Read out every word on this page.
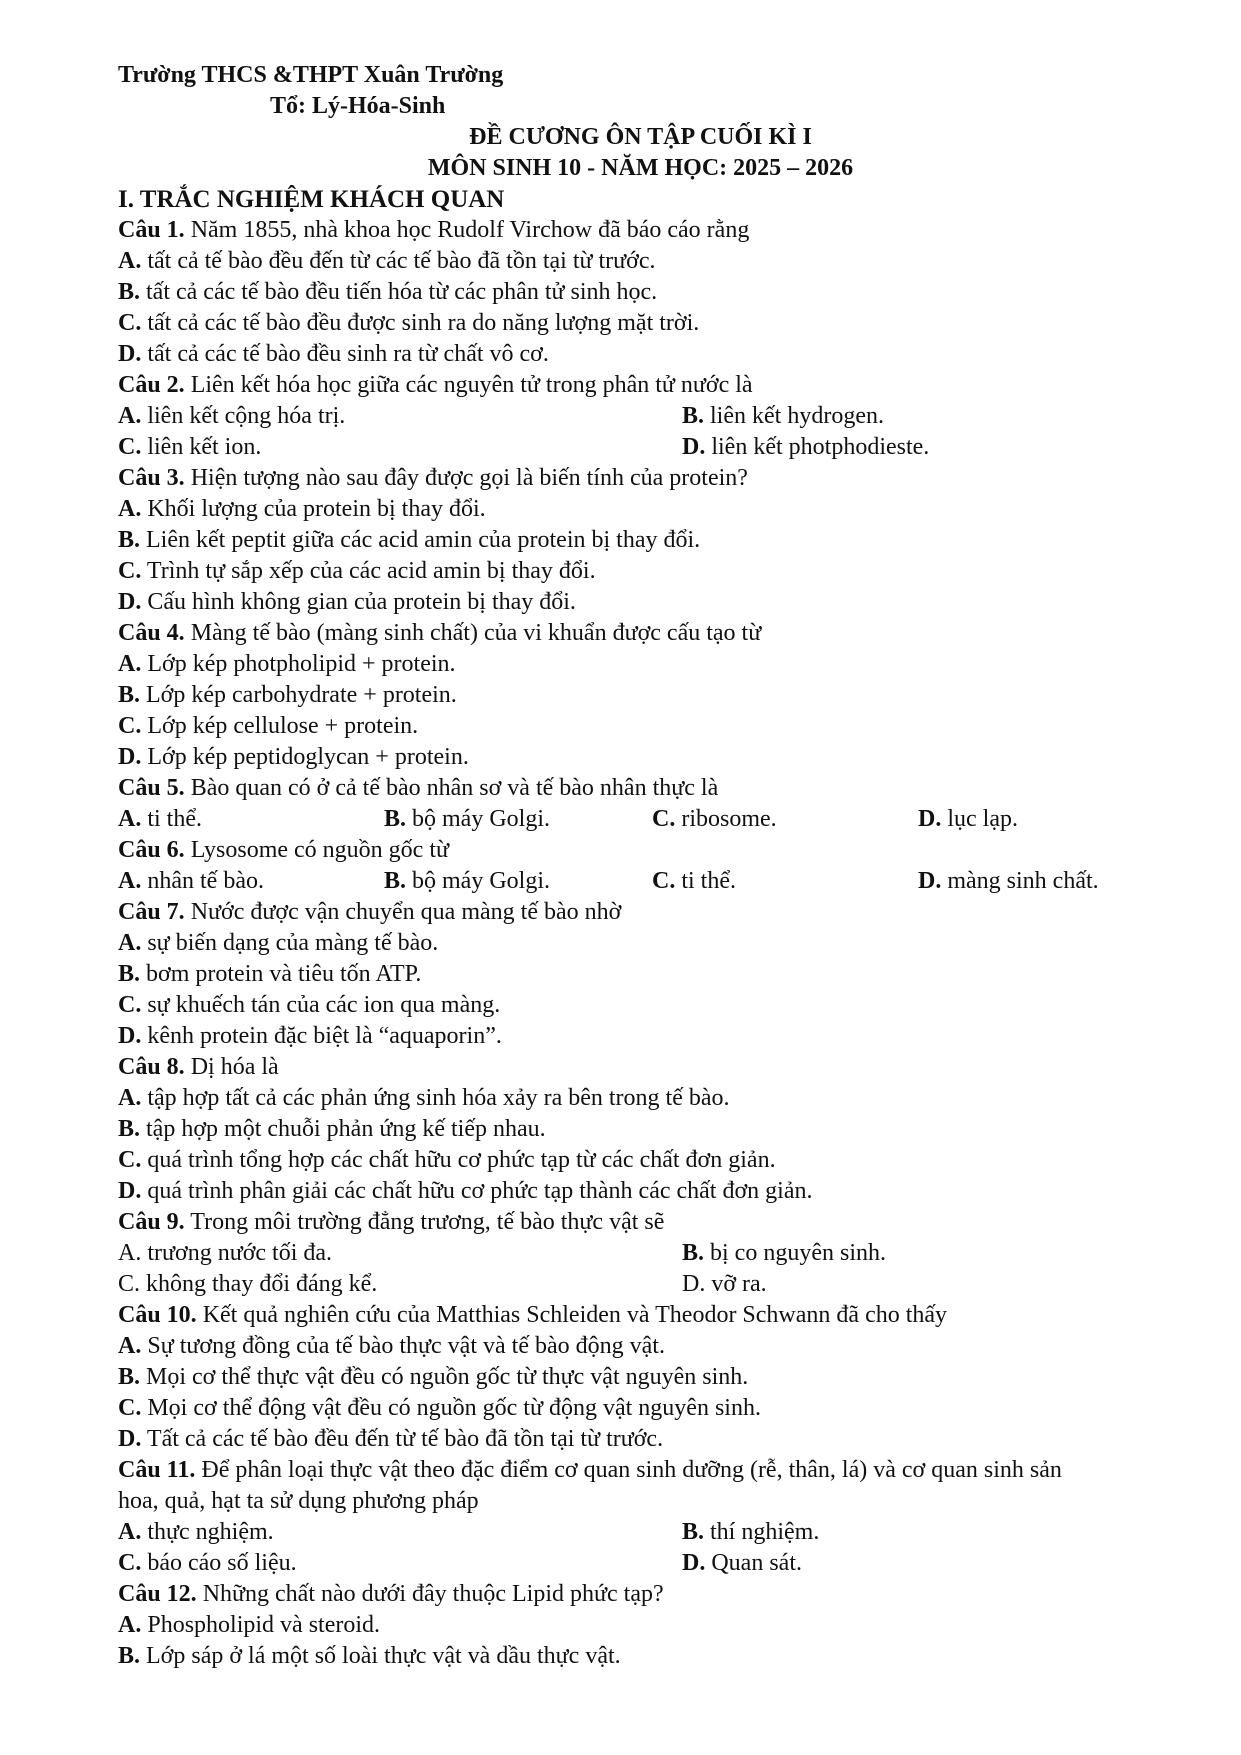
Trường THCS &THPT Xuân Trường
Tổ: Lý-Hóa-Sinh
ĐỀ CƯƠNG ÔN TẬP CUỐI KÌ I
MÔN SINH 10 - NĂM HỌC: 2025 – 2026
I. TRẮC NGHIỆM KHÁCH QUAN
Câu 1. Năm 1855, nhà khoa học Rudolf Virchow đã báo cáo rằng
A. tất cả tế bào đều đến từ các tế bào đã tồn tại từ trước.
B. tất cả các tế bào đều tiến hóa từ các phân tử sinh học.
C. tất cả các tế bào đều được sinh ra do năng lượng mặt trời.
D. tất cả các tế bào đều sinh ra từ chất vô cơ.
Câu 2. Liên kết hóa học giữa các nguyên tử trong phân tử nước là
A. liên kết cộng hóa trị.	B. liên kết hydrogen.
C. liên kết ion.	D. liên kết photphodieste.
Câu 3. Hiện tượng nào sau đây được gọi là biến tính của protein?
A. Khối lượng của protein bị thay đổi.
B. Liên kết peptit giữa các acid amin của protein bị thay đổi.
C. Trình tự sắp xếp của các acid amin bị thay đổi.
D. Cấu hình không gian của protein bị thay đổi.
Câu 4. Màng tế bào (màng sinh chất) của vi khuẩn được cấu tạo từ
A. Lớp kép photpholipid + protein.
B. Lớp kép carbohydrate + protein.
C. Lớp kép cellulose + protein.
D. Lớp kép peptidoglycan + protein.
Câu 5. Bào quan có ở cả tế bào nhân sơ và tế bào nhân thực là
A. ti thể.	B. bộ máy Golgi.	C. ribosome.	D. lục lạp.
Câu 6. Lysosome có nguồn gốc từ
A. nhân tế bào.	B. bộ máy Golgi.	C. ti thể.	D. màng sinh chất.
Câu 7. Nước được vận chuyển qua màng tế bào nhờ
A. sự biến dạng của màng tế bào.
B. bơm protein và tiêu tốn ATP.
C. sự khuếch tán của các ion qua màng.
D. kênh protein đặc biệt là “aquaporin”.
Câu 8. Dị hóa là
A. tập hợp tất cả các phản ứng sinh hóa xảy ra bên trong tế bào.
B. tập hợp một chuỗi phản ứng kế tiếp nhau.
C. quá trình tổng hợp các chất hữu cơ phức tạp từ các chất đơn giản.
D. quá trình phân giải các chất hữu cơ phức tạp thành các chất đơn giản.
Câu 9. Trong môi trường đẳng trương, tế bào thực vật sẽ
A. trương nước tối đa.	B. bị co nguyên sinh.
C. không thay đổi đáng kể.	D. vỡ ra.
Câu 10. Kết quả nghiên cứu của Matthias Schleiden và Theodor Schwann đã cho thấy
A. Sự tương đồng của tế bào thực vật và tế bào động vật.
B. Mọi cơ thể thực vật đều có nguồn gốc từ thực vật nguyên sinh.
C. Mọi cơ thể động vật đều có nguồn gốc từ động vật nguyên sinh.
D. Tất cả các tế bào đều đến từ tế bào đã tồn tại từ trước.
Câu 11. Để phân loại thực vật theo đặc điểm cơ quan sinh dưỡng (rễ, thân, lá) và cơ quan sinh sản
hoa, quả, hạt ta sử dụng phương pháp
A. thực nghiệm.	B. thí nghiệm.
C. báo cáo số liệu.	D. Quan sát.
Câu 12. Những chất nào dưới đây thuộc Lipid phức tạp?
A. Phospholipid và steroid.
B. Lớp sáp ở lá một số loài thực vật và dầu thực vật.
